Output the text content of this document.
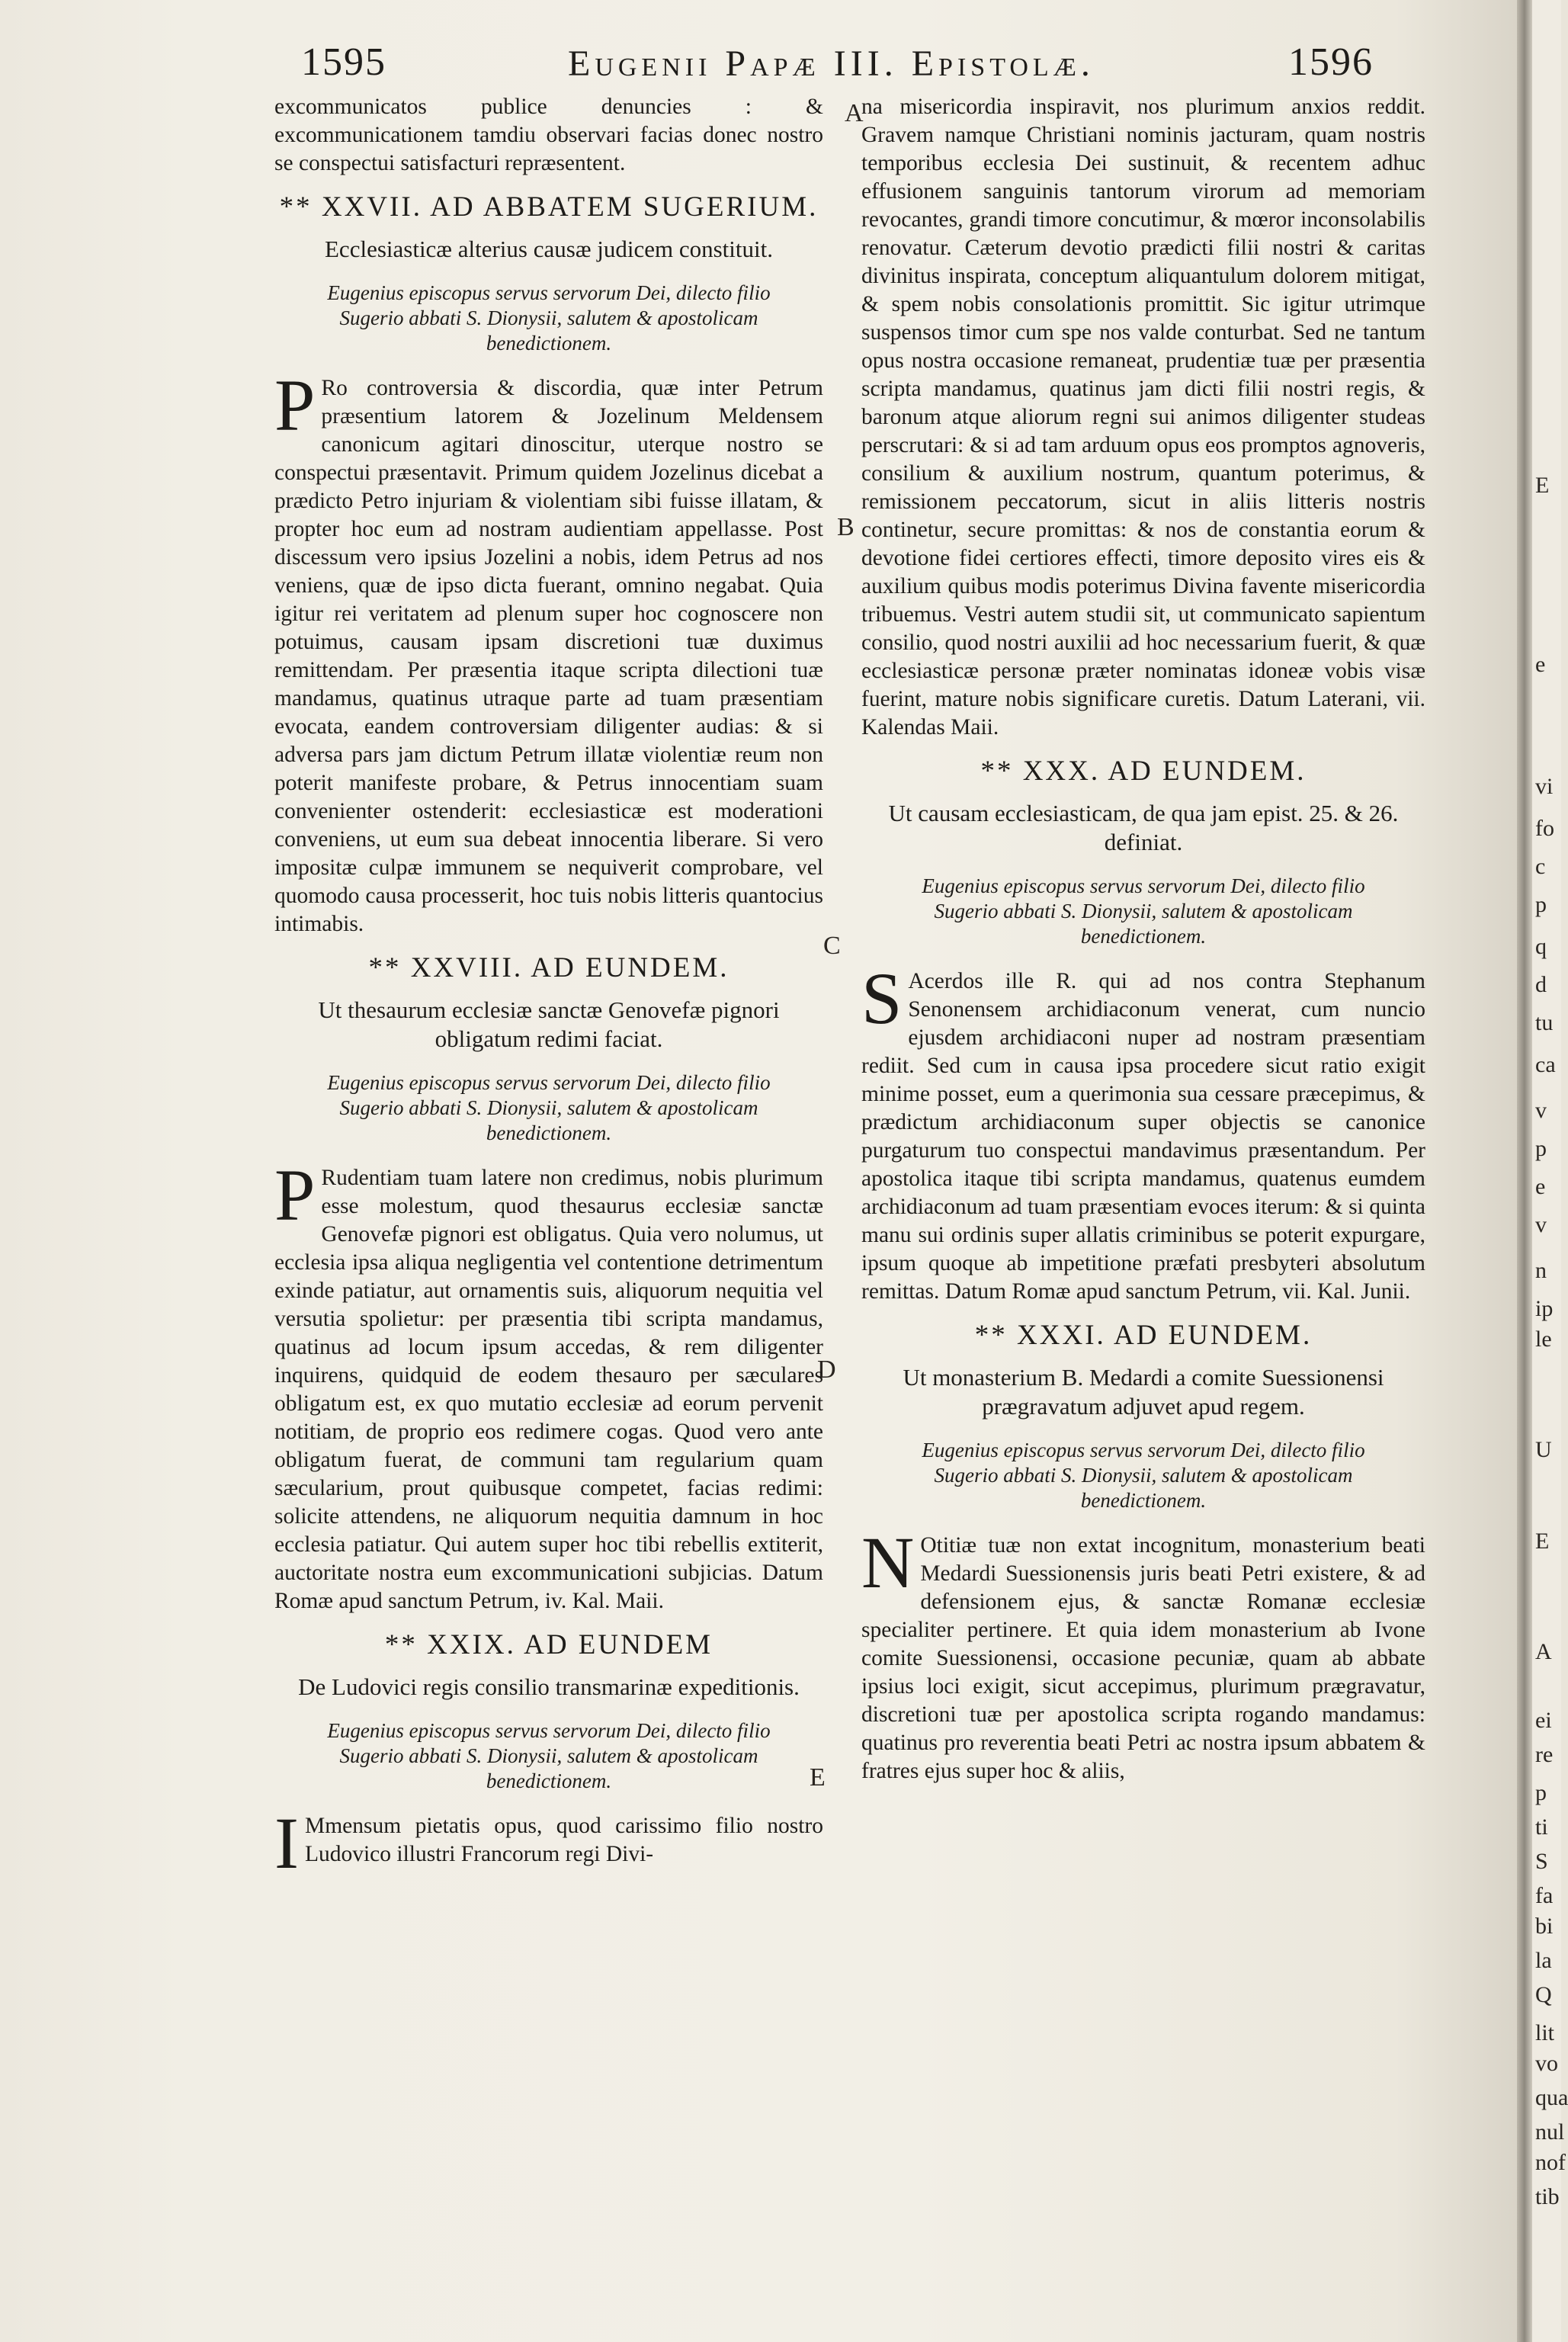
1595	Eugenii Papæ III. Epistolæ.	1596
A
B
C
D
E

excommunicatos publice denuncies : & excommunicationem tamdiu observari facias donec nostro se conspectui satisfacturi repræsentent.

** XXVII. AD ABBATEM SUGERIUM.
Ecclesiasticæ alterius causæ judicem constituit.
Eugenius episcopus servus servorum Dei, dilecto filio Sugerio abbati S. Dionysii, salutem & apostolicam benedictionem.

P Ro controversia & discordia, quæ inter Petrum præsentium latorem & Jozelinum Meldensem canonicum agitari dinoscitur, uterque nostro se conspectui præsentavit. Primum quidem Jozelinus dicebat a prædicto Petro injuriam & violentiam sibi fuisse illatam, & propter hoc eum ad nostram audientiam appellasse. Post discessum vero ipsius Jozelini a nobis, idem Petrus ad nos veniens, quæ de ipso dicta fuerant, omnino negabat. Quia igitur rei veritatem ad plenum super hoc cognoscere non potuimus, causam ipsam discretioni tuæ duximus remittendam. Per præsentia itaque scripta dilectioni tuæ mandamus, quatinus utraque parte ad tuam præsentiam evocata, eandem controversiam diligenter audias: & si adversa pars jam dictum Petrum illatæ violentiæ reum non poterit manifeste probare, & Petrus innocentiam suam convenienter ostenderit: ecclesiasticæ est moderationi conveniens, ut eum sua debeat innocentia liberare. Si vero impositæ culpæ immunem se nequiverit comprobare, vel quomodo causa processerit, hoc tuis nobis litteris quantocius intimabis.

** XXVIII. AD EUNDEM.
Ut thesaurum ecclesiæ sanctæ Genovefæ pignori obligatum redimi faciat.
Eugenius episcopus servus servorum Dei, dilecto filio Sugerio abbati S. Dionysii, salutem & apostolicam benedictionem.

P Rudentiam tuam latere non credimus, nobis plurimum esse molestum, quod thesaurus ecclesiæ sanctæ Genovefæ pignori est obligatus. Quia vero nolumus, ut ecclesia ipsa aliqua negligentia vel contentione detrimentum exinde patiatur, aut ornamentis suis, aliquorum nequitia vel versutia spolietur: per præsentia tibi scripta mandamus, quatinus ad locum ipsum accedas, & rem diligenter inquirens, quidquid de eodem thesauro per sæculares obligatum est, ex quo mutatio ecclesiæ ad eorum pervenit notitiam, de proprio eos redimere cogas. Quod vero ante obligatum fuerat, de communi tam regularium quam sæcularium, prout quibusque competet, facias redimi: solicite attendens, ne aliquorum nequitia damnum in hoc ecclesia patiatur. Qui autem super hoc tibi rebellis extiterit, auctoritate nostra eum excommunicationi subjicias. Datum Romæ apud sanctum Petrum, iv. Kal. Maii.

** XXIX. AD EUNDEM
De Ludovici regis consilio transmarinæ expeditionis.
Eugenius episcopus servus servorum Dei, dilecto filio Sugerio abbati S. Dionysii, salutem & apostolicam benedictionem.

I Mmensum pietatis opus, quod carissimo filio nostro Ludovico illustri Francorum regi Divi-

na misericordia inspiravit, nos plurimum anxios reddit. Gravem namque Christiani nominis jacturam, quam nostris temporibus ecclesia Dei sustinuit, & recentem adhuc effusionem sanguinis tantorum virorum ad memoriam revocantes, grandi timore concutimur, & mœror inconsolabilis renovatur. Cæterum devotio prædicti filii nostri & caritas divinitus inspirata, conceptum aliquantulum dolorem mitigat, & spem nobis consolationis promittit. Sic igitur utrimque suspensos timor cum spe nos valde conturbat. Sed ne tantum opus nostra occasione remaneat, prudentiæ tuæ per præsentia scripta mandamus, quatinus jam dicti filii nostri regis, & baronum atque aliorum regni sui animos diligenter studeas perscrutari: & si ad tam arduum opus eos promptos agnoveris, consilium & auxilium nostrum, quantum poterimus, & remissionem peccatorum, sicut in aliis litteris nostris continetur, secure promittas: & nos de constantia eorum & devotione fidei certiores effecti, timore deposito vires eis & auxilium quibus modis poterimus Divina favente misericordia tribuemus. Vestri autem studii sit, ut communicato sapientum consilio, quod nostri auxilii ad hoc necessarium fuerit, & quæ ecclesiasticæ personæ præter nominatas idoneæ vobis visæ fuerint, mature nobis significare curetis. Datum Laterani, vii. Kalendas Maii.

** XXX. AD EUNDEM.
Ut causam ecclesiasticam, de qua jam epist. 25. & 26. definiat.
Eugenius episcopus servus servorum Dei, dilecto filio Sugerio abbati S. Dionysii, salutem & apostolicam benedictionem.

S Acerdos ille R. qui ad nos contra Stephanum Senonensem archidiaconum venerat, cum nuncio ejusdem archidiaconi nuper ad nostram præsentiam rediit. Sed cum in causa ipsa procedere sicut ratio exigit minime posset, eum a querimonia sua cessare præcepimus, & prædictum archidiaconum super objectis se canonice purgaturum tuo conspectui mandavimus præsentandum. Per apostolica itaque tibi scripta mandamus, quatenus eumdem archidiaconum ad tuam præsentiam evoces iterum: & si quinta manu sui ordinis super allatis criminibus se poterit expurgare, ipsum quoque ab impetitione præfati presbyteri absolutum remittas. Datum Romæ apud sanctum Petrum, vii. Kal. Junii.

** XXXI. AD EUNDEM.
Ut monasterium B. Medardi a comite Suessionensi prægravatum adjuvet apud regem.
Eugenius episcopus servus servorum Dei, dilecto filio Sugerio abbati S. Dionysii, salutem & apostolicam benedictionem.

N Otitiæ tuæ non extat incognitum, monasterium beati Medardi Suessionensis juris beati Petri existere, & ad defensionem ejus, & sanctæ Romanæ ecclesiæ specialiter pertinere. Et quia idem monasterium ab Ivone comite Suessionensi, occasione pecuniæ, quam ab abbate ipsius loci exigit, sicut accepimus, plurimum prægravatur, discretioni tuæ per apostolica scripta rogando mandamus: quatinus pro reverentia beati Petri ac nostra ipsum abbatem & fratres ejus super hoc & aliis,

E
e
vi
fo
c
p
q
d
tu
ca
v
p
e
v
n
ip
le
U
E
A
ei
re
p
ti
S
fa
bi
la
Q
lit
vo
qua
nul
nof
tib
